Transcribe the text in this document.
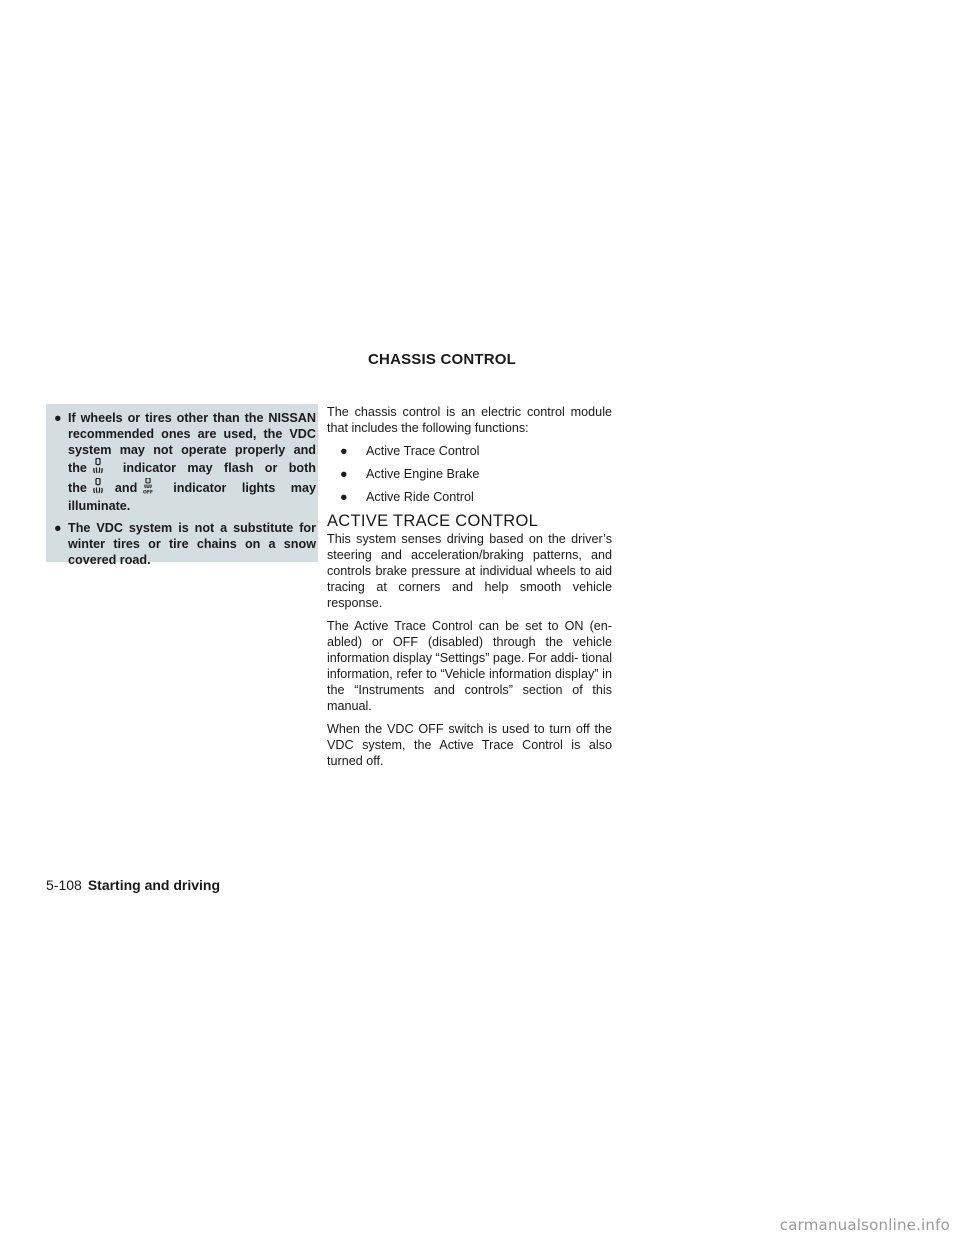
● If wheels or tires other than the NISSAN
recommended ones are used, the VDC
system may not operate properly and
the	indicator may flash or both
the and OFF indicator lights may
illuminate.
● The VDC system is not a substitute for
winter tires or tire chains on a snow
covered road.
CHASSIS CONTROL

The chassis control is an electric control module that includes the following functions:

● Active Trace Control
● Active Engine Brake
● Active Ride Control
ACTIVE TRACE CONTROL

This system senses driving based on the driver’s steering and acceleration/braking patterns, and controls brake pressure at individual wheels to aid tracing at corners and help smooth vehicle response.

The Active Trace Control can be set to ON (en- abled) or OFF (disabled) through the vehicle information display “Settings” page. For addi- tional information, refer to “Vehicle information display” in the “Instruments and controls” section of this manual.

When the VDC OFF switch is used to turn off the VDC system, the Active Trace Control is also turned off.

5-108 Starting and driving
carmanualsonline.info
